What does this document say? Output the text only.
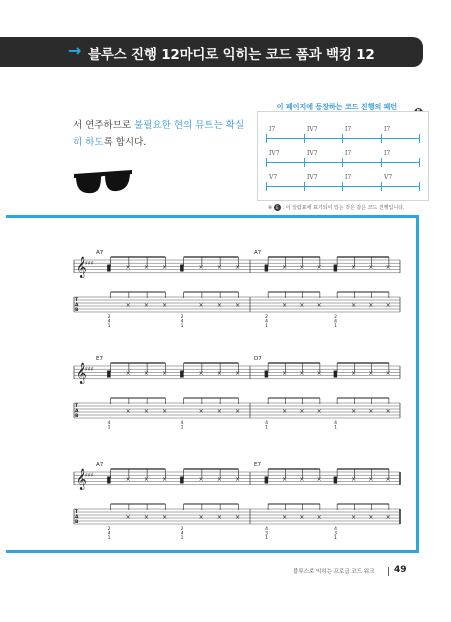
→ 블루스 진행 12마디로 익히는 코드 폼과 백킹 12
서 연주하므로 불필요한 현의 뮤트는 확실히 하도록 합시다.
이 페이지에 등장하는 코드 진행의 패턴
I7	IV7	I7	I7
IV7	IV7	I7	I7
V7	IV7	I7	V7
※ E : 이 일람표에 표기되어 있는 것은 같은 코드 진행입니다.
𝄞
♯♯♯
T
A
B
A7	A7
×
×
×
×
×
×
×
×
×
×
×
×
2
4
1
2
4
1
×
×
×
×
×
×
×
×
×
×
×
×
2
4
1
2
4
1
𝄞
♯♯♯
T
A
B
E7	D7
×
×
×
×
×
×
×
×
×
×
×
×
4
1
4
1
×
×
×
×
×
×
×
×
×
×
×
×
4
1
4
1
𝄞
♯♯♯
T
A
B
A7	E7
×
×
×
×
×
×
×
×
×
×
×
×
2
4
1
2
4
1
×
×
×
×
×
×
×
×
×
×
×
×
4
3
1
4
3
1
블루스로 익히는 프로급 코드 워크 49
